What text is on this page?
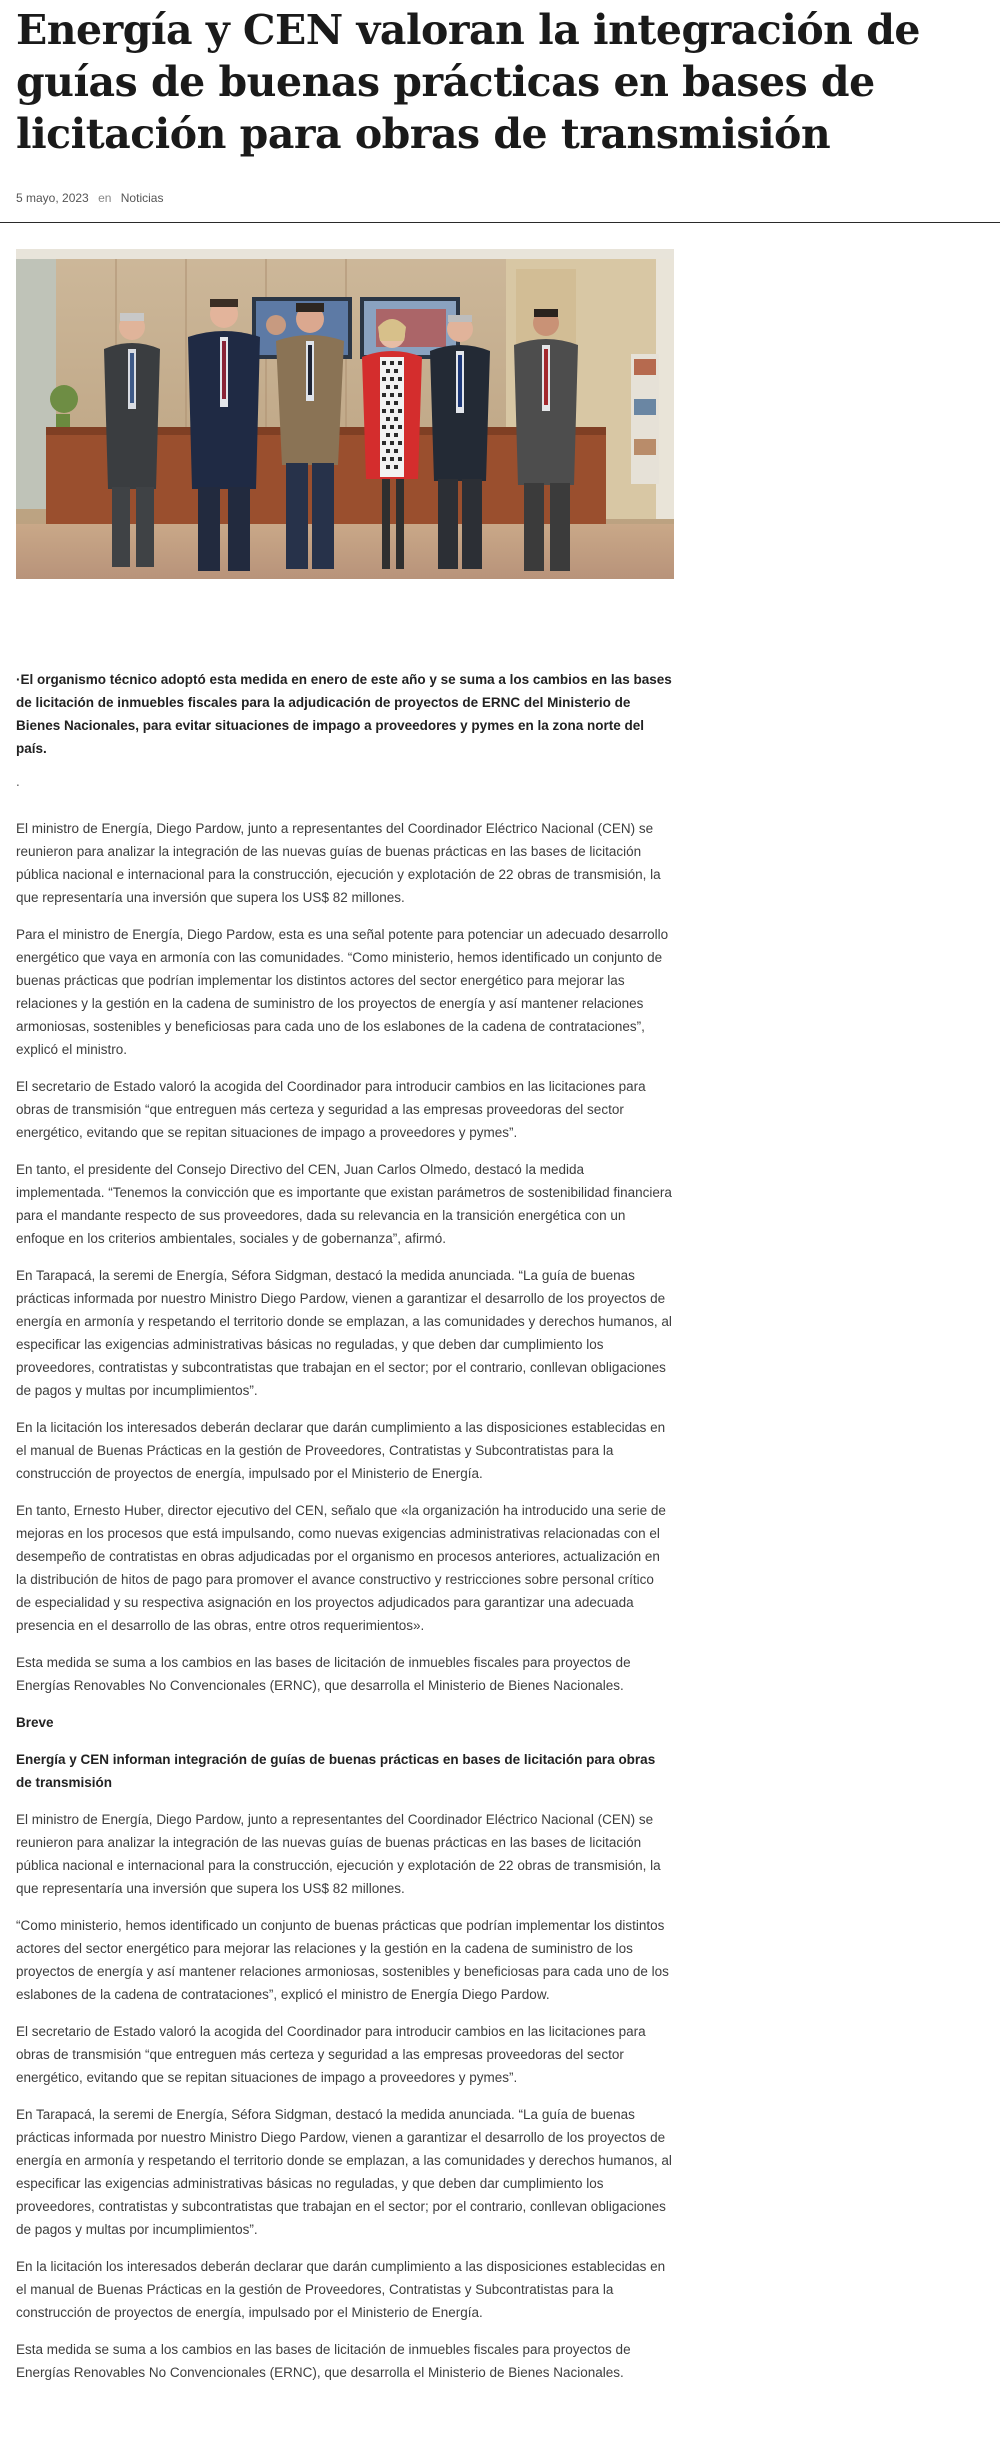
Energía y CEN valoran la integración de guías de buenas prácticas en bases de licitación para obras de transmisión
5 mayo, 2023 en Noticias

·El organismo técnico adoptó esta medida en enero de este año y se suma a los cambios en las bases de licitación de inmuebles fiscales para la adjudicación de proyectos de ERNC del Ministerio de Bienes Nacionales, para evitar situaciones de impago a proveedores y pymes en la zona norte del país.

.

El ministro de Energía, Diego Pardow, junto a representantes del Coordinador Eléctrico Nacional (CEN) se reunieron para analizar la integración de las nuevas guías de buenas prácticas en las bases de licitación pública nacional e internacional para la construcción, ejecución y explotación de 22 obras de transmisión, la que representaría una inversión que supera los US$ 82 millones.

Para el ministro de Energía, Diego Pardow, esta es una señal potente para potenciar un adecuado desarrollo energético que vaya en armonía con las comunidades. “Como ministerio, hemos identificado un conjunto de buenas prácticas que podrían implementar los distintos actores del sector energético para mejorar las relaciones y la gestión en la cadena de suministro de los proyectos de energía y así mantener relaciones armoniosas, sostenibles y beneficiosas para cada uno de los eslabones de la cadena de contrataciones”, explicó el ministro.

El secretario de Estado valoró la acogida del Coordinador para introducir cambios en las licitaciones para obras de transmisión “que entreguen más certeza y seguridad a las empresas proveedoras del sector energético, evitando que se repitan situaciones de impago a proveedores y pymes”.

En tanto, el presidente del Consejo Directivo del CEN, Juan Carlos Olmedo, destacó la medida implementada. “Tenemos la convicción que es importante que existan parámetros de sostenibilidad financiera para el mandante respecto de sus proveedores, dada su relevancia en la transición energética con un enfoque en los criterios ambientales, sociales y de gobernanza”, afirmó.

En Tarapacá, la seremi de Energía, Séfora Sidgman, destacó la medida anunciada. “La guía de buenas prácticas informada por nuestro Ministro Diego Pardow, vienen a garantizar el desarrollo de los proyectos de energía en armonía y respetando el territorio donde se emplazan, a las comunidades y derechos humanos, al especificar las exigencias administrativas básicas no reguladas, y que deben dar cumplimiento los proveedores, contratistas y subcontratistas que trabajan en el sector; por el contrario, conllevan obligaciones de pagos y multas por incumplimientos”.

En la licitación los interesados deberán declarar que darán cumplimiento a las disposiciones establecidas en el manual de Buenas Prácticas en la gestión de Proveedores, Contratistas y Subcontratistas para la construcción de proyectos de energía, impulsado por el Ministerio de Energía.

En tanto, Ernesto Huber, director ejecutivo del CEN, señalo que «la organización ha introducido una serie de mejoras en los procesos que está impulsando, como nuevas exigencias administrativas relacionadas con el desempeño de contratistas en obras adjudicadas por el organismo en procesos anteriores, actualización en la distribución de hitos de pago para promover el avance constructivo y restricciones sobre personal crítico de especialidad y su respectiva asignación en los proyectos adjudicados para garantizar una adecuada presencia en el desarrollo de las obras, entre otros requerimientos».

Esta medida se suma a los cambios en las bases de licitación de inmuebles fiscales para proyectos de Energías Renovables No Convencionales (ERNC), que desarrolla el Ministerio de Bienes Nacionales.

Breve

Energía y CEN informan integración de guías de buenas prácticas en bases de licitación para obras de transmisión

El ministro de Energía, Diego Pardow, junto a representantes del Coordinador Eléctrico Nacional (CEN) se reunieron para analizar la integración de las nuevas guías de buenas prácticas en las bases de licitación pública nacional e internacional para la construcción, ejecución y explotación de 22 obras de transmisión, la que representaría una inversión que supera los US$ 82 millones.

“Como ministerio, hemos identificado un conjunto de buenas prácticas que podrían implementar los distintos actores del sector energético para mejorar las relaciones y la gestión en la cadena de suministro de los proyectos de energía y así mantener relaciones armoniosas, sostenibles y beneficiosas para cada uno de los eslabones de la cadena de contrataciones”, explicó el ministro de Energía Diego Pardow.

El secretario de Estado valoró la acogida del Coordinador para introducir cambios en las licitaciones para obras de transmisión “que entreguen más certeza y seguridad a las empresas proveedoras del sector energético, evitando que se repitan situaciones de impago a proveedores y pymes”.

En Tarapacá, la seremi de Energía, Séfora Sidgman, destacó la medida anunciada. “La guía de buenas prácticas informada por nuestro Ministro Diego Pardow, vienen a garantizar el desarrollo de los proyectos de energía en armonía y respetando el territorio donde se emplazan, a las comunidades y derechos humanos, al especificar las exigencias administrativas básicas no reguladas, y que deben dar cumplimiento los proveedores, contratistas y subcontratistas que trabajan en el sector; por el contrario, conllevan obligaciones de pagos y multas por incumplimientos”.

En la licitación los interesados deberán declarar que darán cumplimiento a las disposiciones establecidas en el manual de Buenas Prácticas en la gestión de Proveedores, Contratistas y Subcontratistas para la construcción de proyectos de energía, impulsado por el Ministerio de Energía.

Esta medida se suma a los cambios en las bases de licitación de inmuebles fiscales para proyectos de Energías Renovables No Convencionales (ERNC), que desarrolla el Ministerio de Bienes Nacionales.
